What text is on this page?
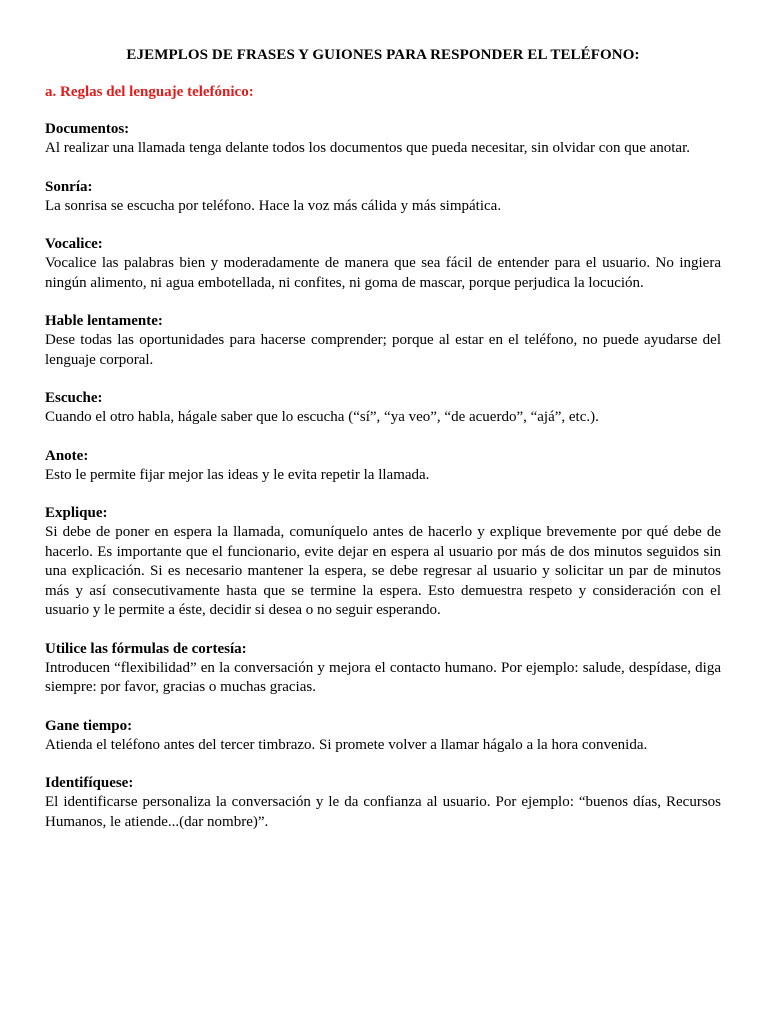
EJEMPLOS DE FRASES Y GUIONES PARA RESPONDER EL TELÉFONO:
a. Reglas del lenguaje telefónico:
Documentos:
Al realizar una llamada tenga delante todos los documentos que pueda necesitar, sin olvidar con que anotar.
Sonría:
La sonrisa se escucha por teléfono. Hace la voz más cálida y más simpática.
Vocalice:
Vocalice las palabras bien y moderadamente de manera que sea fácil de entender para el usuario. No ingiera ningún alimento, ni agua embotellada, ni confites, ni goma de mascar, porque perjudica la locución.
Hable lentamente:
Dese todas las oportunidades para hacerse comprender; porque al estar en el teléfono, no puede ayudarse del lenguaje corporal.
Escuche:
Cuando el otro habla, hágale saber que lo escucha (“sí”, “ya veo”, “de acuerdo”, “ajá”, etc.).
Anote:
Esto le permite fijar mejor las ideas y le evita repetir la llamada.
Explique:
Si debe de poner en espera la llamada, comuníquelo antes de hacerlo y explique brevemente por qué debe de hacerlo. Es importante que el funcionario, evite dejar en espera al usuario por más de dos minutos seguidos sin una explicación. Si es necesario mantener la espera, se debe regresar al usuario y solicitar un par de minutos más y así consecutivamente hasta que se termine la espera. Esto demuestra respeto y consideración con el usuario y le permite a éste, decidir si desea o no seguir esperando.
Utilice las fórmulas de cortesía:
Introducen “flexibilidad” en la conversación y mejora el contacto humano. Por ejemplo: salude, despídase, diga siempre: por favor, gracias o muchas gracias.
Gane tiempo:
Atienda el teléfono antes del tercer timbrazo. Si promete volver a llamar hágalo a la hora convenida.
Identifíquese:
El identificarse personaliza la conversación y le da confianza al usuario. Por ejemplo: “buenos días, Recursos Humanos, le atiende...(dar nombre)”.
